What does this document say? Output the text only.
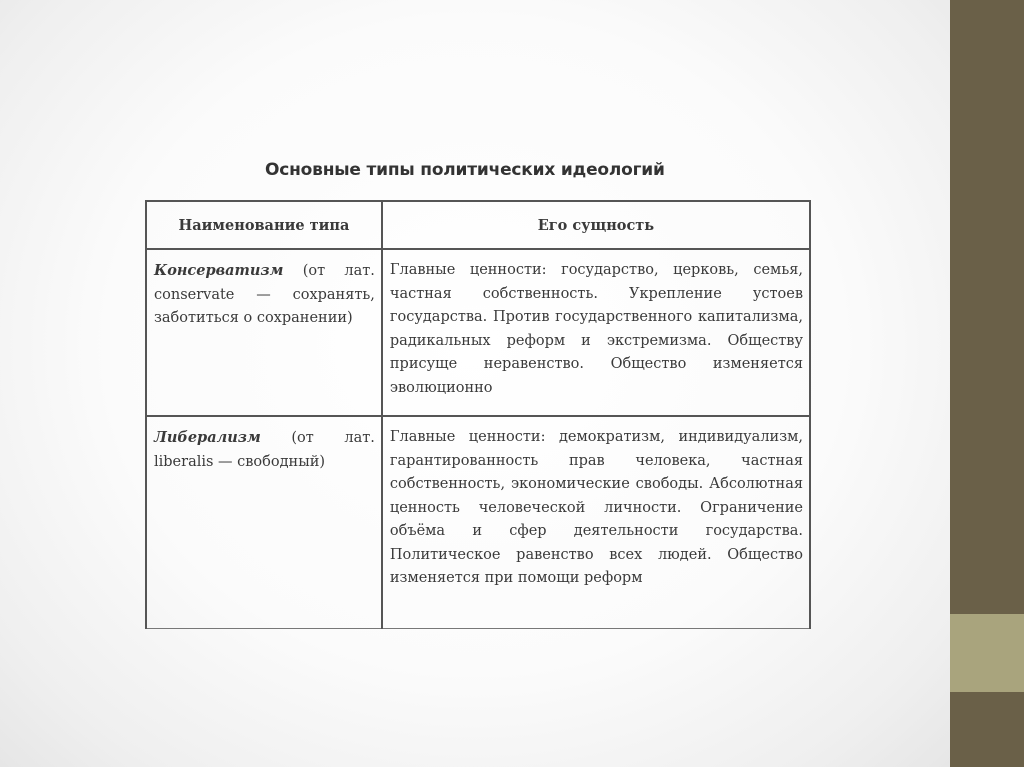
Основные типы политических идеологий
Наименование типа	Его сущность
Консерватизм (от лат. conservate — сохранять, заботиться о сохранении)	Главные ценности: государство, церковь, семья, частная собственность. Укрепление устоев государства. Против государственного капитализма, радикальных реформ и экстремизма. Обществу присуще неравенство. Общество изменяется эволюционно
Либерализм (от лат. liberalis — свободный)	Главные ценности: демократизм, индивидуализм, гарантированность прав человека, частная собственность, экономические свободы. Абсолютная ценность человеческой личности. Ограничение объёма и сфер деятельности государства. Политическое равенство всех людей. Общество изменяется при помощи реформ
